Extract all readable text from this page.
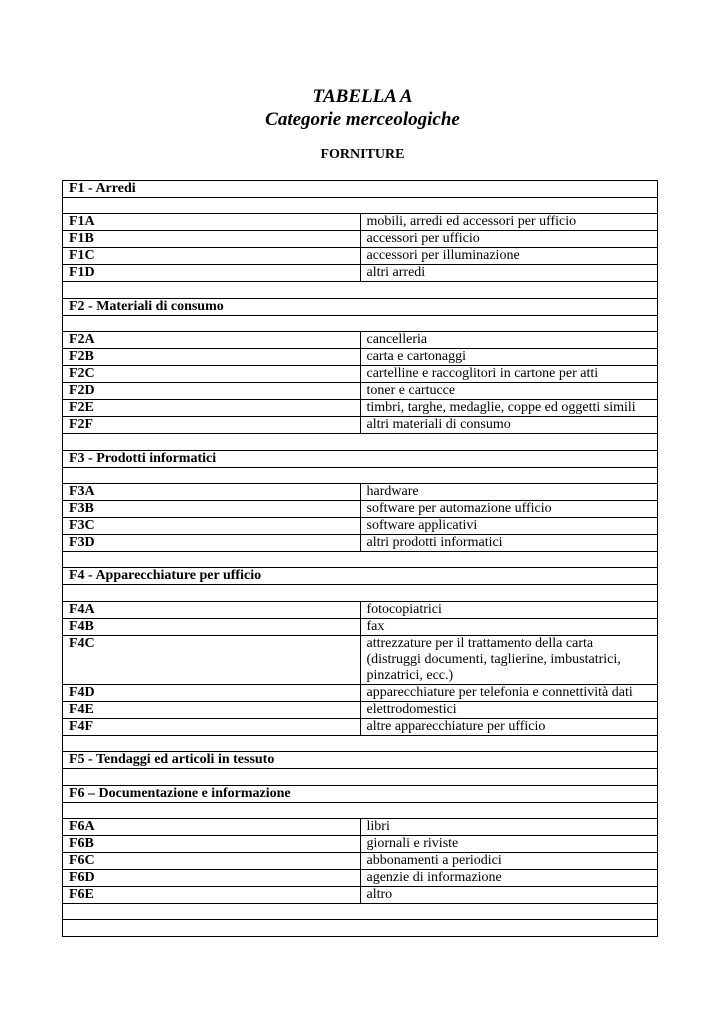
TABELLA A
Categorie merceologiche
FORNITURE
F1 - Arredi	

F1A	mobili, arredi ed accessori per ufficio
F1B	accessori per ufficio
F1C	accessori per illuminazione
F1D	altri arredi

F2 - Materiali di consumo	

F2A	cancelleria
F2B	carta e cartonaggi
F2C	cartelline e raccoglitori in cartone per atti
F2D	toner e cartucce
F2E	timbri, targhe, medaglie, coppe ed oggetti simili
F2F	altri materiali di consumo

F3 - Prodotti informatici	

F3A	hardware
F3B	software per automazione ufficio
F3C	software applicativi
F3D	altri prodotti informatici

F4 - Apparecchiature per ufficio	

F4A	fotocopiatrici
F4B	fax
F4C	attrezzature per il trattamento della carta (distruggi documenti, taglierine, imbustatrici, pinzatrici, ecc.)
F4D	apparecchiature per telefonia e connettività dati
F4E	elettrodomestici
F4F	altre apparecchiature per ufficio

F5 - Tendaggi ed articoli in tessuto	

F6 – Documentazione e informazione	

F6A	libri
F6B	giornali e riviste
F6C	abbonamenti a periodici
F6D	agenzie di informazione
F6E	altro
